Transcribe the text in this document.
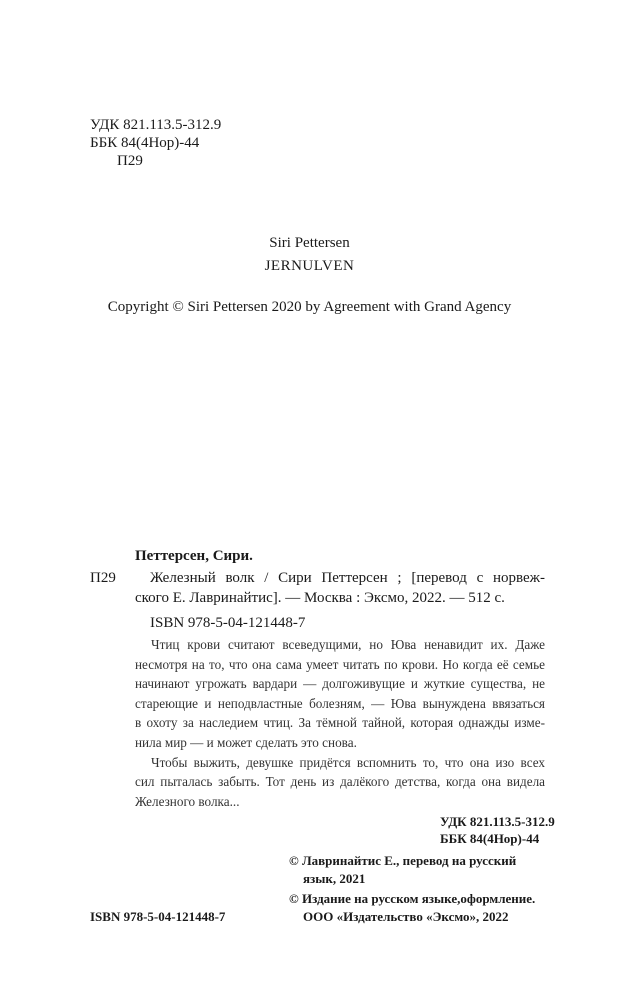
УДК 821.113.5-312.9
ББК 84(4Нор)-44
П29
Siri Pettersen
JERNULVEN
Copyright © Siri Pettersen 2020 by Agreement with Grand Agency
Петтерсен, Сири.
П29 Железный волк / Сири Петтерсен ; [перевод с норвеж-
ского Е. Лавринайтис]. — Москва : Эксмо, 2022. — 512 с.
ISBN 978-5-04-121448-7
Чтиц крови считают всеведущими, но Юва ненавидит их. Даже
несмотря на то, что она сама умеет читать по крови. Но когда её семье
начинают угрожать вардари — долгоживущие и жуткие существа, не
стареющие и неподвластные болезням, — Юва вынуждена ввязаться
в охоту за наследием чтиц. За тёмной тайной, которая однажды изме-
нила мир — и может сделать это снова.
Чтобы выжить, девушке придётся вспомнить то, что она изо всех
сил пыталась забыть. Тот день из далёкого детства, когда она видела
Железного волка...
УДК 821.113.5-312.9
ББК 84(4Нор)-44
© Лавринайтис Е., перевод на русский
язык, 2021
© Издание на русском языке,оформление.
ООО «Издательство «Эксмо», 2022
ISBN 978-5-04-121448-7
